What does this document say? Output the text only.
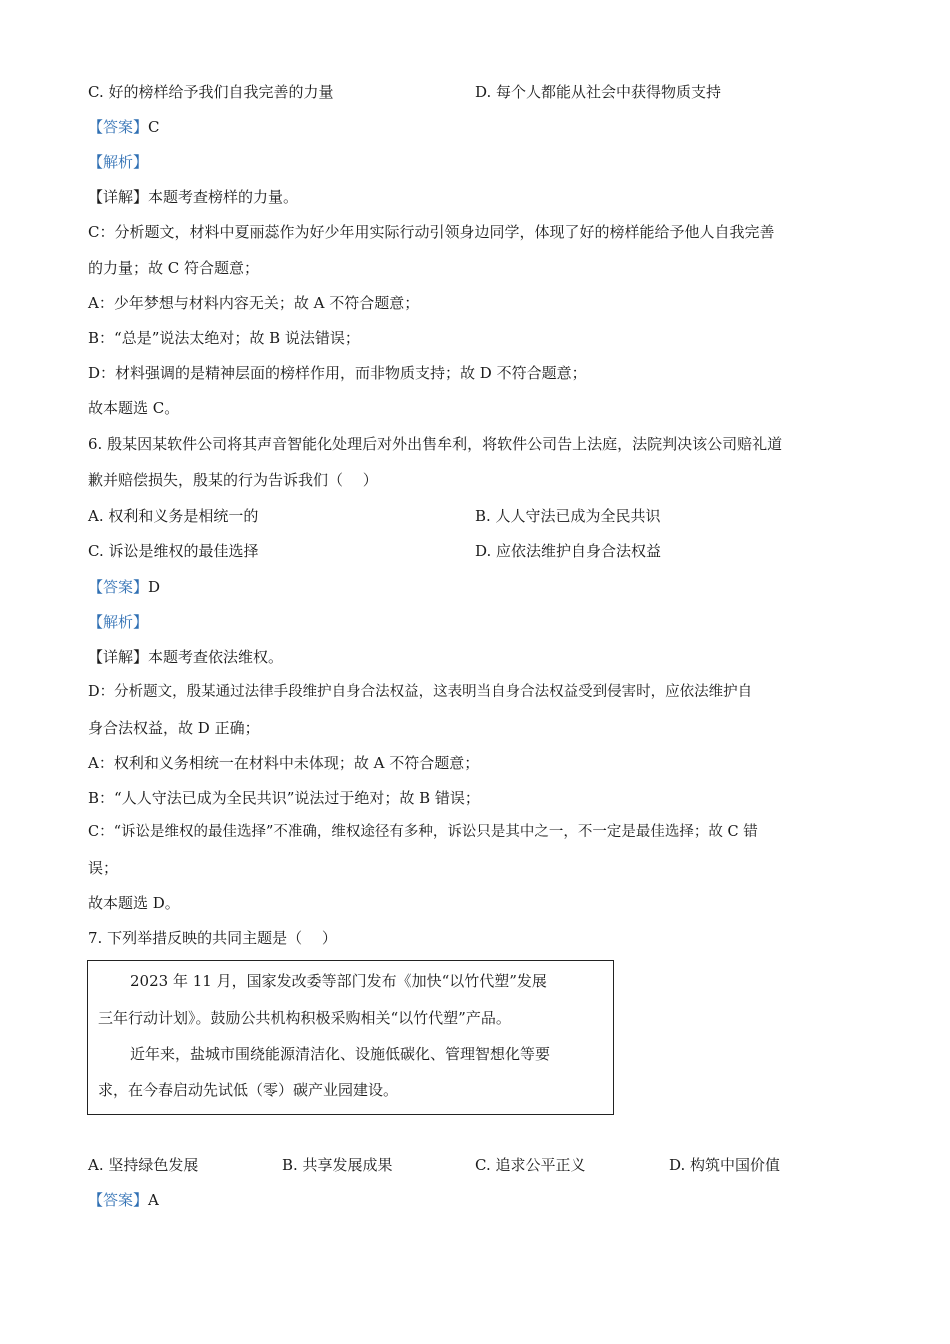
C. 好的榜样给予我们自我完善的力量	D. 每个人都能从社会中获得物质支持
【答案】C
【解析】
【详解】本题考查榜样的力量。
C：分析题文，材料中夏丽蕊作为好少年用实际行动引领身边同学，体现了好的榜样能给予他人自我完善
的力量；故 C 符合题意；
A：少年梦想与材料内容无关；故 A 不符合题意；
B：“总是”说法太绝对；故 B 说法错误；
D：材料强调的是精神层面的榜样作用，而非物质支持；故 D 不符合题意；
故本题选 C。
6. 殷某因某软件公司将其声音智能化处理后对外出售牟利，将软件公司告上法庭，法院判决该公司赔礼道
歉并赔偿损失，殷某的行为告诉我们（　 ）
A. 权利和义务是相统一的	B. 人人守法已成为全民共识
C. 诉讼是维权的最佳选择	D. 应依法维护自身合法权益
【答案】D
【解析】
【详解】本题考查依法维权。
D：分析题文，殷某通过法律手段维护自身合法权益，这表明当自身合法权益受到侵害时，应依法维护自
身合法权益，故 D 正确；
A：权利和义务相统一在材料中未体现；故 A 不符合题意；
B：“人人守法已成为全民共识”说法过于绝对；故 B 错误；
C：“诉讼是维权的最佳选择”不准确，维权途径有多种，诉讼只是其中之一，不一定是最佳选择；故 C 错
误；
故本题选 D。
7. 下列举措反映的共同主题是（　 ）
2023 年 11 月，国家发改委等部门发布《加快“以竹代塑”发展
三年行动计划》。鼓励公共机构积极采购相关“以竹代塑”产品。
近年来，盐城市围绕能源清洁化、设施低碳化、管理智想化等要
求，在今春启动先试低（零）碳产业园建设。
A. 坚持绿色发展	B. 共享发展成果	C. 追求公平正义	D. 构筑中国价值
【答案】A
